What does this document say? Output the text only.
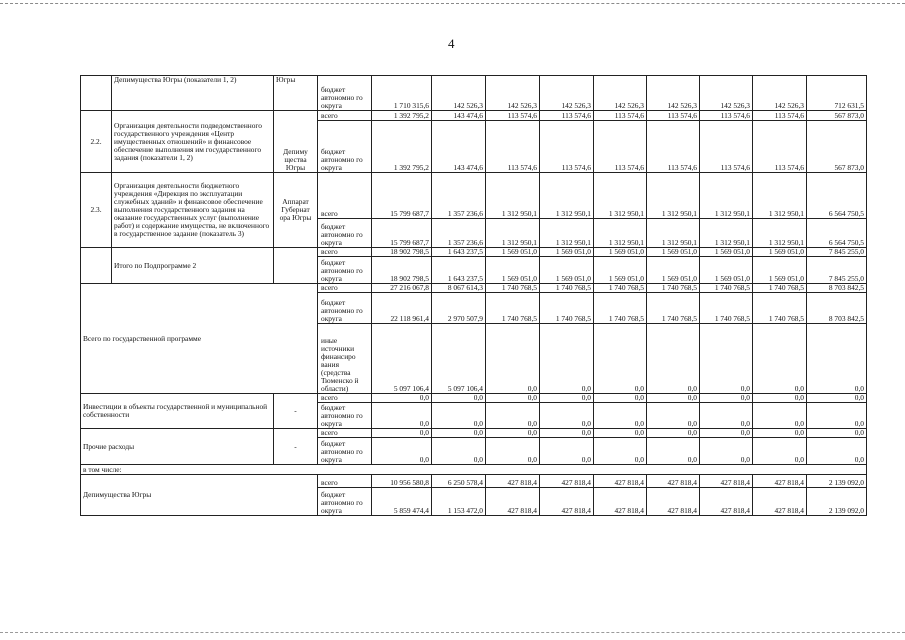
4
	Депимущества Югры (показатели 1, 2)	Югры	бюджет автономно го округа	1 710 315,6	142 526,3	142 526,3	142 526,3	142 526,3	142 526,3	142 526,3	142 526,3	712 631,5
2.2.	Организация деятельности подведомственного государственного учреждения «Центр имущественных отношений» и финансовое обеспечение выполнения им государственного задания (показатели 1, 2)	Депиму щества Югры	всего	1 392 795,2	143 474,6	113 574,6	113 574,6	113 574,6	113 574,6	113 574,6	113 574,6	567 873,0
			бюджет автономно го округа	1 392 795,2	143 474,6	113 574,6	113 574,6	113 574,6	113 574,6	113 574,6	113 574,6	567 873,0
2.3.	Организация деятельности бюджетного учреждения «Дирекция по эксплуатации служебных зданий» и финансовое обеспечение выполнения государственного задания на оказание государственных услуг (выполнение работ) и содержание имущества, не включенного в государственное задание (показатель 3)	Аппарат Губернат ора Югры	всего	15 799 687,7	1 357 236,6	1 312 950,1	1 312 950,1	1 312 950,1	1 312 950,1	1 312 950,1	1 312 950,1	6 564 750,5
			бюджет автономно го округа	15 799 687,7	1 357 236,6	1 312 950,1	1 312 950,1	1 312 950,1	1 312 950,1	1 312 950,1	1 312 950,1	6 564 750,5
	Итого по Подпрограмме 2		всего	18 902 798,5	1 643 237,5	1 569 051,0	1 569 051,0	1 569 051,0	1 569 051,0	1 569 051,0	1 569 051,0	7 845 255,0
			бюджет автономно го округа	18 902 798,5	1 643 237,5	1 569 051,0	1 569 051,0	1 569 051,0	1 569 051,0	1 569 051,0	1 569 051,0	7 845 255,0
Всего по государственной программе			всего	27 216 067,8	8 067 614,3	1 740 768,5	1 740 768,5	1 740 768,5	1 740 768,5	1 740 768,5	1 740 768,5	8 703 842,5
			бюджет автономно го округа	22 118 961,4	2 970 507,9	1 740 768,5	1 740 768,5	1 740 768,5	1 740 768,5	1 740 768,5	1 740 768,5	8 703 842,5
			иные источники финансиро вания (средства Тюменско й области)	5 097 106,4	5 097 106,4	0,0	0,0	0,0	0,0	0,0	0,0	0,0
Инвестиции в объекты государственной и муниципальной собственности		-	всего	0,0	0,0	0,0	0,0	0,0	0,0	0,0	0,0	0,0
			бюджет автономно го округа	0,0	0,0	0,0	0,0	0,0	0,0	0,0	0,0	0,0
Прочие расходы		-	всего	0,0	0,0	0,0	0,0	0,0	0,0	0,0	0,0	0,0
			бюджет автономно го округа	0,0	0,0	0,0	0,0	0,0	0,0	0,0	0,0	0,0
в том числе:												
Депимущества Югры			всего	10 956 580,8	6 250 578,4	427 818,4	427 818,4	427 818,4	427 818,4	427 818,4	427 818,4	2 139 092,0
			бюджет автономно го округа	5 859 474,4	1 153 472,0	427 818,4	427 818,4	427 818,4	427 818,4	427 818,4	427 818,4	2 139 092,0
